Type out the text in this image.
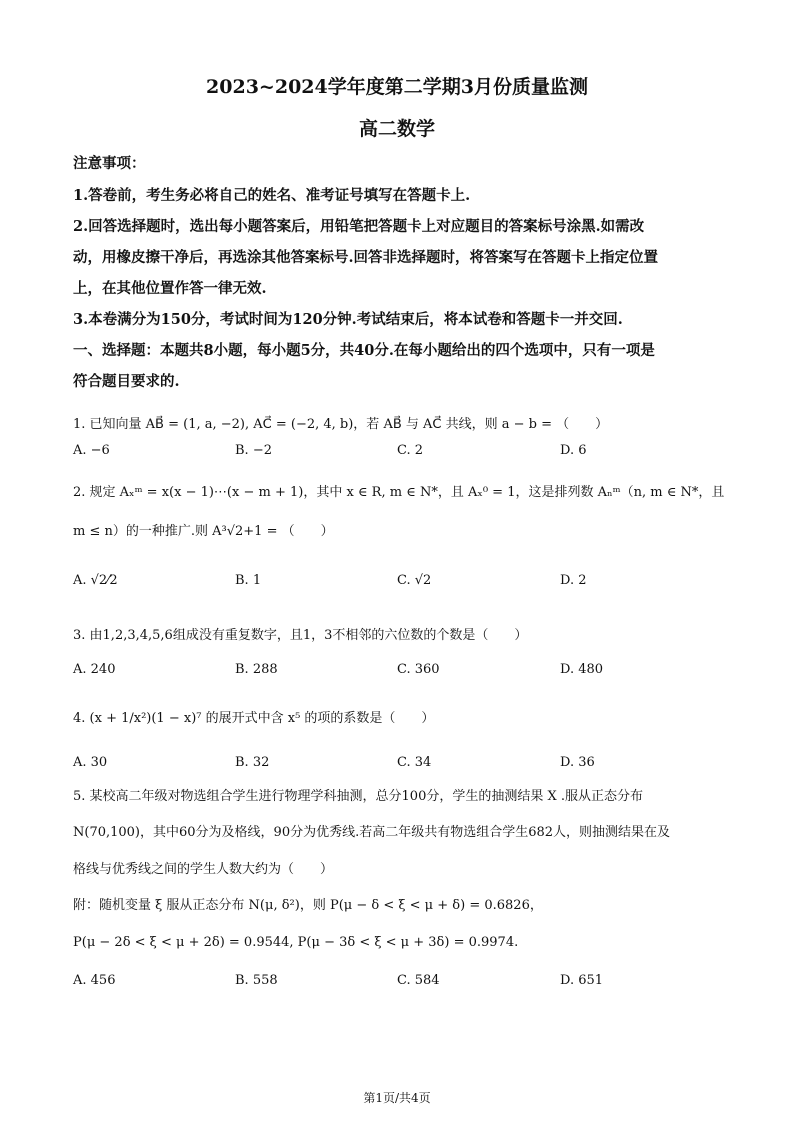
2023~2024学年度第二学期3月份质量监测
高二数学
注意事项：
1.答卷前，考生务必将自己的姓名、准考证号填写在答题卡上.
2.回答选择题时，选出每小题答案后，用铅笔把答题卡上对应题目的答案标号涂黑.如需改
动，用橡皮擦干净后，再选涂其他答案标号.回答非选择题时，将答案写在答题卡上指定位置
上，在其他位置作答一律无效.
3.本卷满分为150分，考试时间为120分钟.考试结束后，将本试卷和答题卡一并交回.
一、选择题：本题共8小题，每小题5分，共40分.在每小题给出的四个选项中，只有一项是
符合题目要求的.
1. 已知向量 AB⃗ = (1, a, −2), AC⃗ = (−2, 4, b)，若 AB⃗ 与 AC⃗ 共线，则 a − b = （　　）
A. −6	B. −2	C. 2	D. 6
2. 规定 Aₓᵐ = x(x − 1)⋯(x − m + 1)，其中 x ∈ R, m ∈ N*，且 Aₓ⁰ = 1，这是排列数 Aₙᵐ（n, m ∈ N*，且
m ≤ n）的一种推广.则 A³√2+1 = （　　）
A. √2⁄2	B. 1	C. √2	D. 2
3. 由1,2,3,4,5,6组成没有重复数字，且1，3不相邻的六位数的个数是（　　）
A. 240	B. 288	C. 360	D. 480
4. (x + 1/x²)(1 − x)⁷ 的展开式中含 x⁵ 的项的系数是（　　）
A. 30	B. 32	C. 34	D. 36
5. 某校高二年级对物选组合学生进行物理学科抽测，总分100分，学生的抽测结果 X .服从正态分布
N(70,100)，其中60分为及格线，90分为优秀线.若高二年级共有物选组合学生682人，则抽测结果在及
格线与优秀线之间的学生人数大约为（　　）
附：随机变量 ξ 服从正态分布 N(μ, δ²)，则 P(μ − δ < ξ < μ + δ) = 0.6826，
P(μ − 2δ < ξ < μ + 2δ) = 0.9544, P(μ − 3δ < ξ < μ + 3δ) = 0.9974.
A. 456	B. 558	C. 584	D. 651
第1页/共4页
